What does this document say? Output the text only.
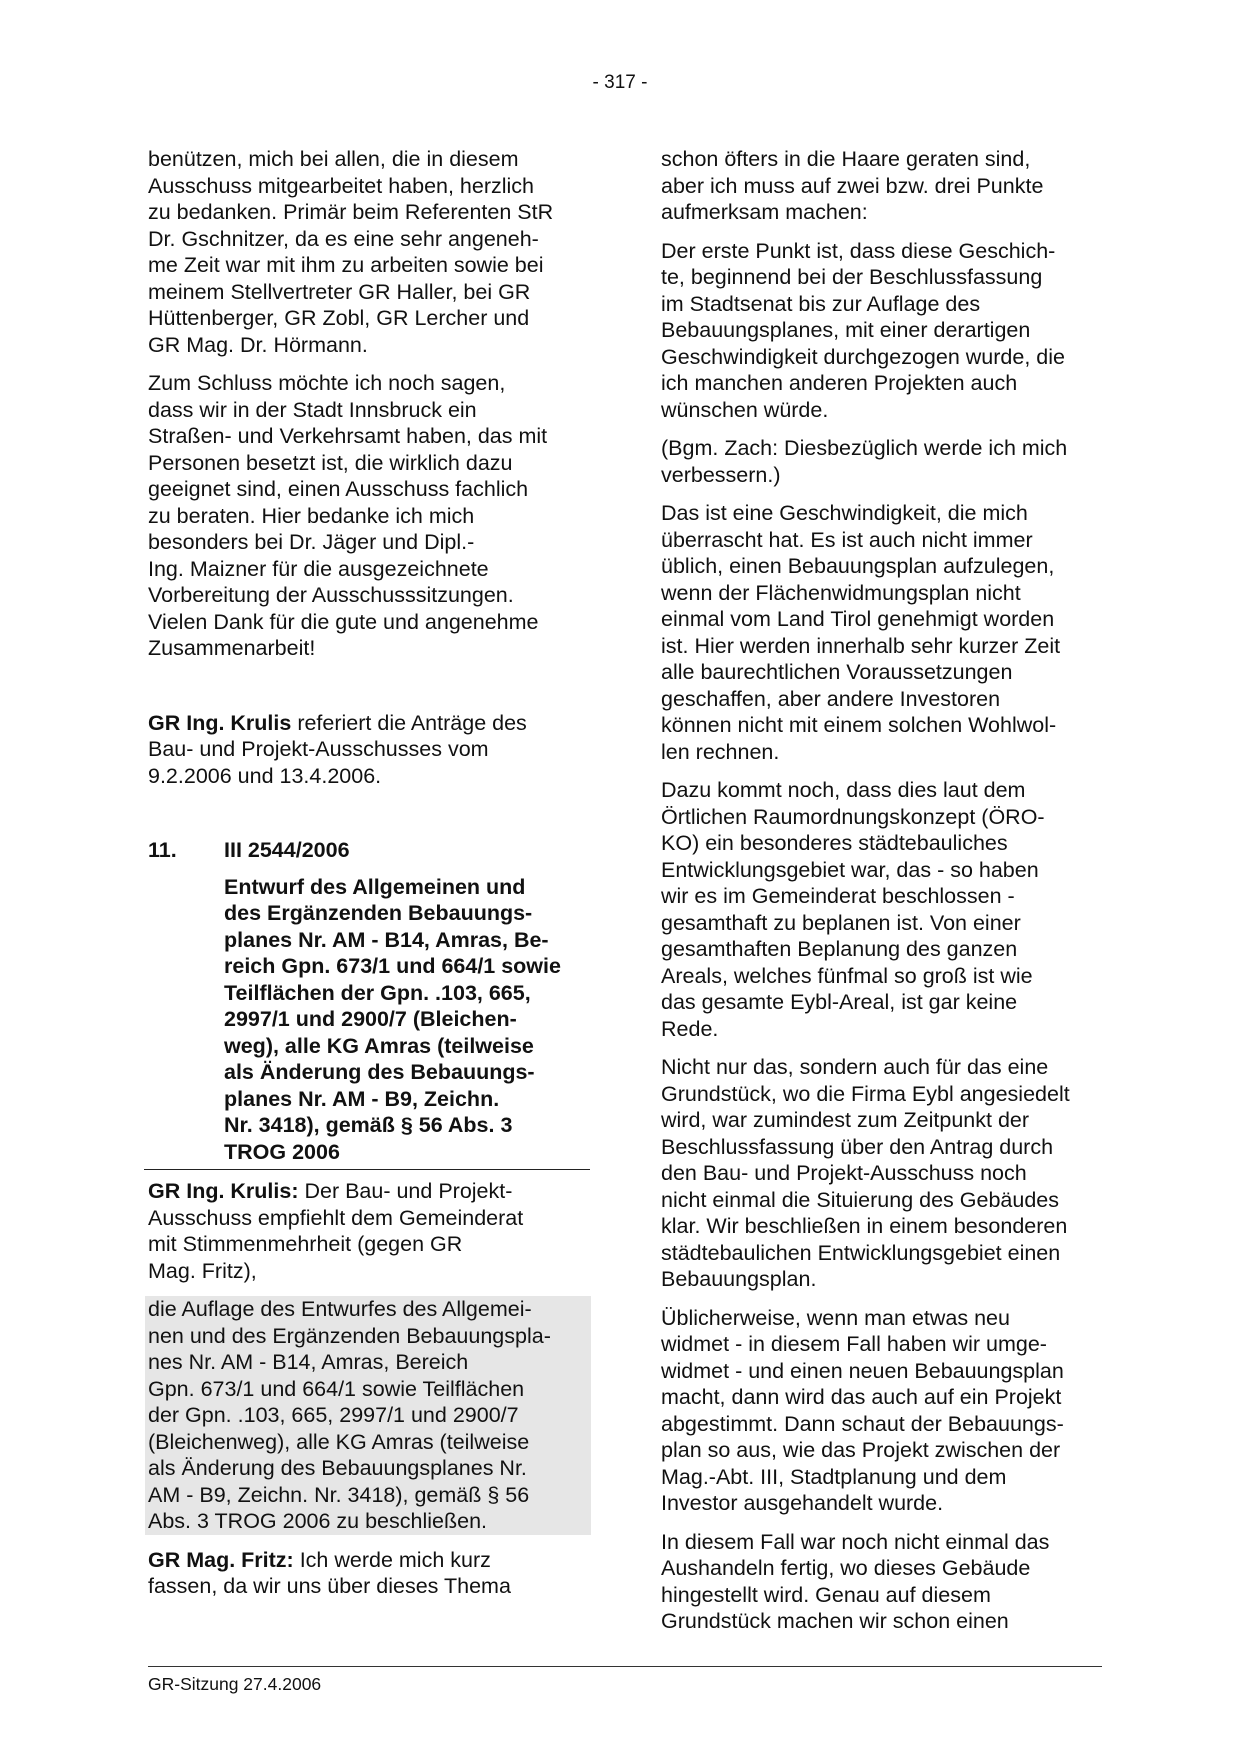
- 317 -

benützen, mich bei allen, die in diesem
Ausschuss mitgearbeitet haben, herzlich
zu bedanken. Primär beim Referenten StR
Dr. Gschnitzer, da es eine sehr angeneh-
me Zeit war mit ihm zu arbeiten sowie bei
meinem Stellvertreter GR Haller, bei GR
Hüttenberger, GR Zobl, GR Lercher und
GR Mag. Dr. Hörmann.

Zum Schluss möchte ich noch sagen,
dass wir in der Stadt Innsbruck ein
Straßen- und Verkehrsamt haben, das mit
Personen besetzt ist, die wirklich dazu
geeignet sind, einen Ausschuss fachlich
zu beraten. Hier bedanke ich mich
besonders bei Dr. Jäger und Dipl.-
Ing. Maizner für die ausgezeichnete
Vorbereitung der Ausschusssitzungen.
Vielen Dank für die gute und angenehme
Zusammenarbeit!

GR Ing. Krulis referiert die Anträge des
Bau- und Projekt-Ausschusses vom
9.2.2006 und 13.4.2006.

11.	III 2544/2006
Entwurf des Allgemeinen und
des Ergänzenden Bebauungs-
planes Nr. AM - B14, Amras, Be-
reich Gpn. 673/1 und 664/1 sowie
Teilflächen der Gpn. .103, 665,
2997/1 und 2900/7 (Bleichen-
weg), alle KG Amras (teilweise
als Änderung des Bebauungs-
planes Nr. AM - B9, Zeichn.
Nr. 3418), gemäß § 56 Abs. 3
TROG 2006

GR Ing. Krulis: Der Bau- und Projekt-
Ausschuss empfiehlt dem Gemeinderat
mit Stimmenmehrheit (gegen GR
Mag. Fritz),

die Auflage des Entwurfes des Allgemei-
nen und des Ergänzenden Bebauungspla-
nes Nr. AM - B14, Amras, Bereich
Gpn. 673/1 und 664/1 sowie Teilflächen
der Gpn. .103, 665, 2997/1 und 2900/7
(Bleichenweg), alle KG Amras (teilweise
als Änderung des Bebauungsplanes Nr.
AM - B9, Zeichn. Nr. 3418), gemäß § 56
Abs. 3 TROG 2006 zu beschließen.

GR Mag. Fritz: Ich werde mich kurz
fassen, da wir uns über dieses Thema

schon öfters in die Haare geraten sind,
aber ich muss auf zwei bzw. drei Punkte
aufmerksam machen:

Der erste Punkt ist, dass diese Geschich-
te, beginnend bei der Beschlussfassung
im Stadtsenat bis zur Auflage des
Bebauungsplanes, mit einer derartigen
Geschwindigkeit durchgezogen wurde, die
ich manchen anderen Projekten auch
wünschen würde.

(Bgm. Zach: Diesbezüglich werde ich mich
verbessern.)

Das ist eine Geschwindigkeit, die mich
überrascht hat. Es ist auch nicht immer
üblich, einen Bebauungsplan aufzulegen,
wenn der Flächenwidmungsplan nicht
einmal vom Land Tirol genehmigt worden
ist. Hier werden innerhalb sehr kurzer Zeit
alle baurechtlichen Voraussetzungen
geschaffen, aber andere Investoren
können nicht mit einem solchen Wohlwol-
len rechnen.

Dazu kommt noch, dass dies laut dem
Örtlichen Raumordnungskonzept (ÖRO-
KO) ein besonderes städtebauliches
Entwicklungsgebiet war, das - so haben
wir es im Gemeinderat beschlossen -
gesamthaft zu beplanen ist. Von einer
gesamthaften Beplanung des ganzen
Areals, welches fünfmal so groß ist wie
das gesamte Eybl-Areal, ist gar keine
Rede.

Nicht nur das, sondern auch für das eine
Grundstück, wo die Firma Eybl angesiedelt
wird, war zumindest zum Zeitpunkt der
Beschlussfassung über den Antrag durch
den Bau- und Projekt-Ausschuss noch
nicht einmal die Situierung des Gebäudes
klar. Wir beschließen in einem besonderen
städtebaulichen Entwicklungsgebiet einen
Bebauungsplan.

Üblicherweise, wenn man etwas neu
widmet - in diesem Fall haben wir umge-
widmet - und einen neuen Bebauungsplan
macht, dann wird das auch auf ein Projekt
abgestimmt. Dann schaut der Bebauungs-
plan so aus, wie das Projekt zwischen der
Mag.-Abt. III, Stadtplanung und dem
Investor ausgehandelt wurde.

In diesem Fall war noch nicht einmal das
Aushandeln fertig, wo dieses Gebäude
hingestellt wird. Genau auf diesem
Grundstück machen wir schon einen

GR-Sitzung 27.4.2006
